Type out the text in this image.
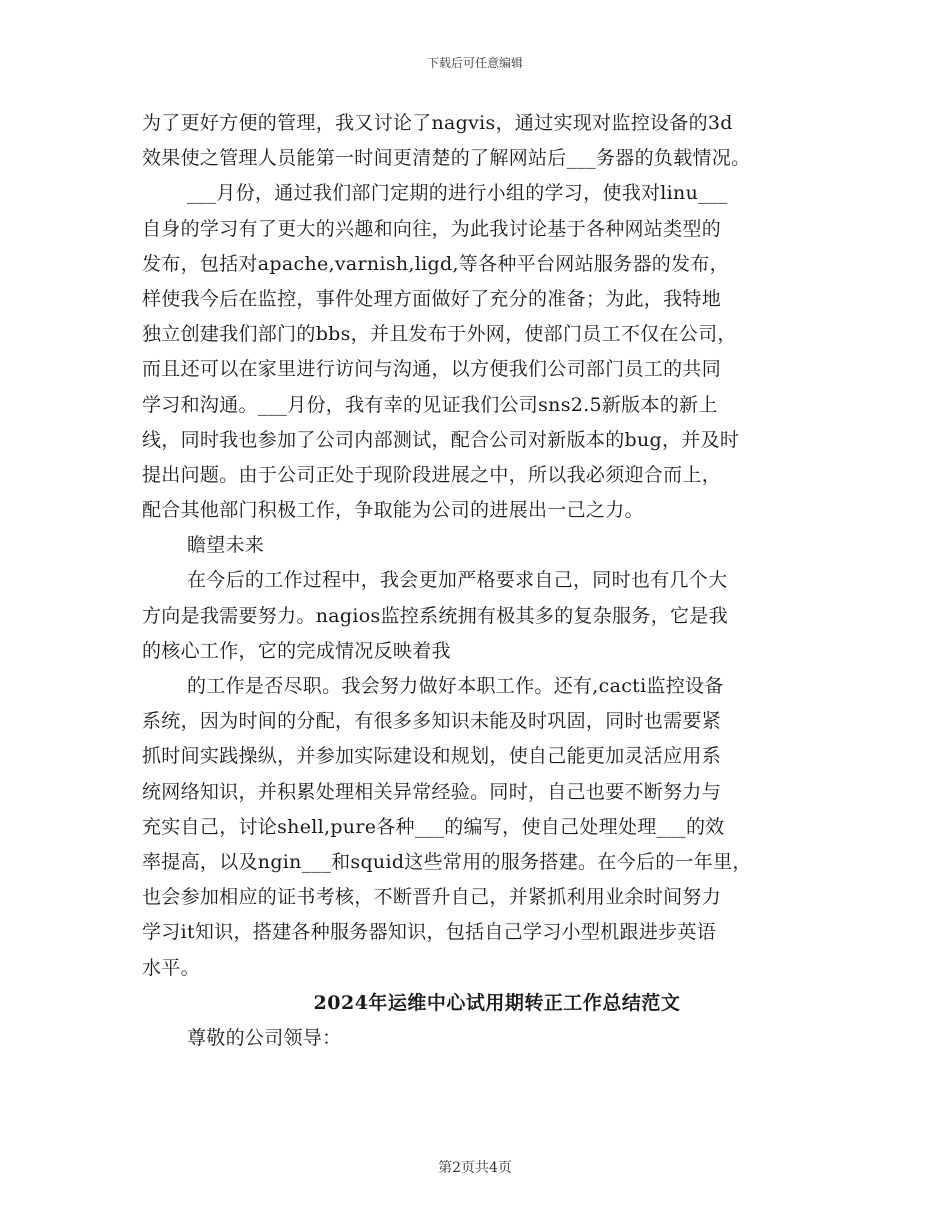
下载后可任意编辑
为了更好方便的管理，我又讨论了nagvis，通过实现对监控设备的3d
效果使之管理人员能第一时间更清楚的了解网站后___务器的负载情况。
___月份，通过我们部门定期的进行小组的学习，使我对linu___
自身的学习有了更大的兴趣和向往，为此我讨论基于各种网站类型的
发布，包括对apache,varnish,ligd,等各种平台网站服务器的发布，
样使我今后在监控，事件处理方面做好了充分的准备；为此，我特地
独立创建我们部门的bbs，并且发布于外网，使部门员工不仅在公司，
而且还可以在家里进行访问与沟通，以方便我们公司部门员工的共同
学习和沟通。___月份，我有幸的见证我们公司sns2.5新版本的新上
线，同时我也参加了公司内部测试，配合公司对新版本的bug，并及时
提出问题。由于公司正处于现阶段进展之中，所以我必须迎合而上，
配合其他部门积极工作，争取能为公司的进展出一己之力。
瞻望未来
在今后的工作过程中，我会更加严格要求自己，同时也有几个大
方向是我需要努力。nagios监控系统拥有极其多的复杂服务，它是我
的核心工作，它的完成情况反映着我
的工作是否尽职。我会努力做好本职工作。还有,cacti监控设备
系统，因为时间的分配，有很多多知识未能及时巩固，同时也需要紧
抓时间实践操纵，并参加实际建设和规划，使自己能更加灵活应用系
统网络知识，并积累处理相关异常经验。同时，自己也要不断努力与
充实自己，讨论shell,pure各种___的编写，使自己处理处理___的效
率提高，以及ngin___和squid这些常用的服务搭建。在今后的一年里，
也会参加相应的证书考核，不断晋升自己，并紧抓利用业余时间努力
学习it知识，搭建各种服务器知识，包括自己学习小型机跟进步英语
水平。
2024年运维中心试用期转正工作总结范文
尊敬的公司领导：
第2页共4页
